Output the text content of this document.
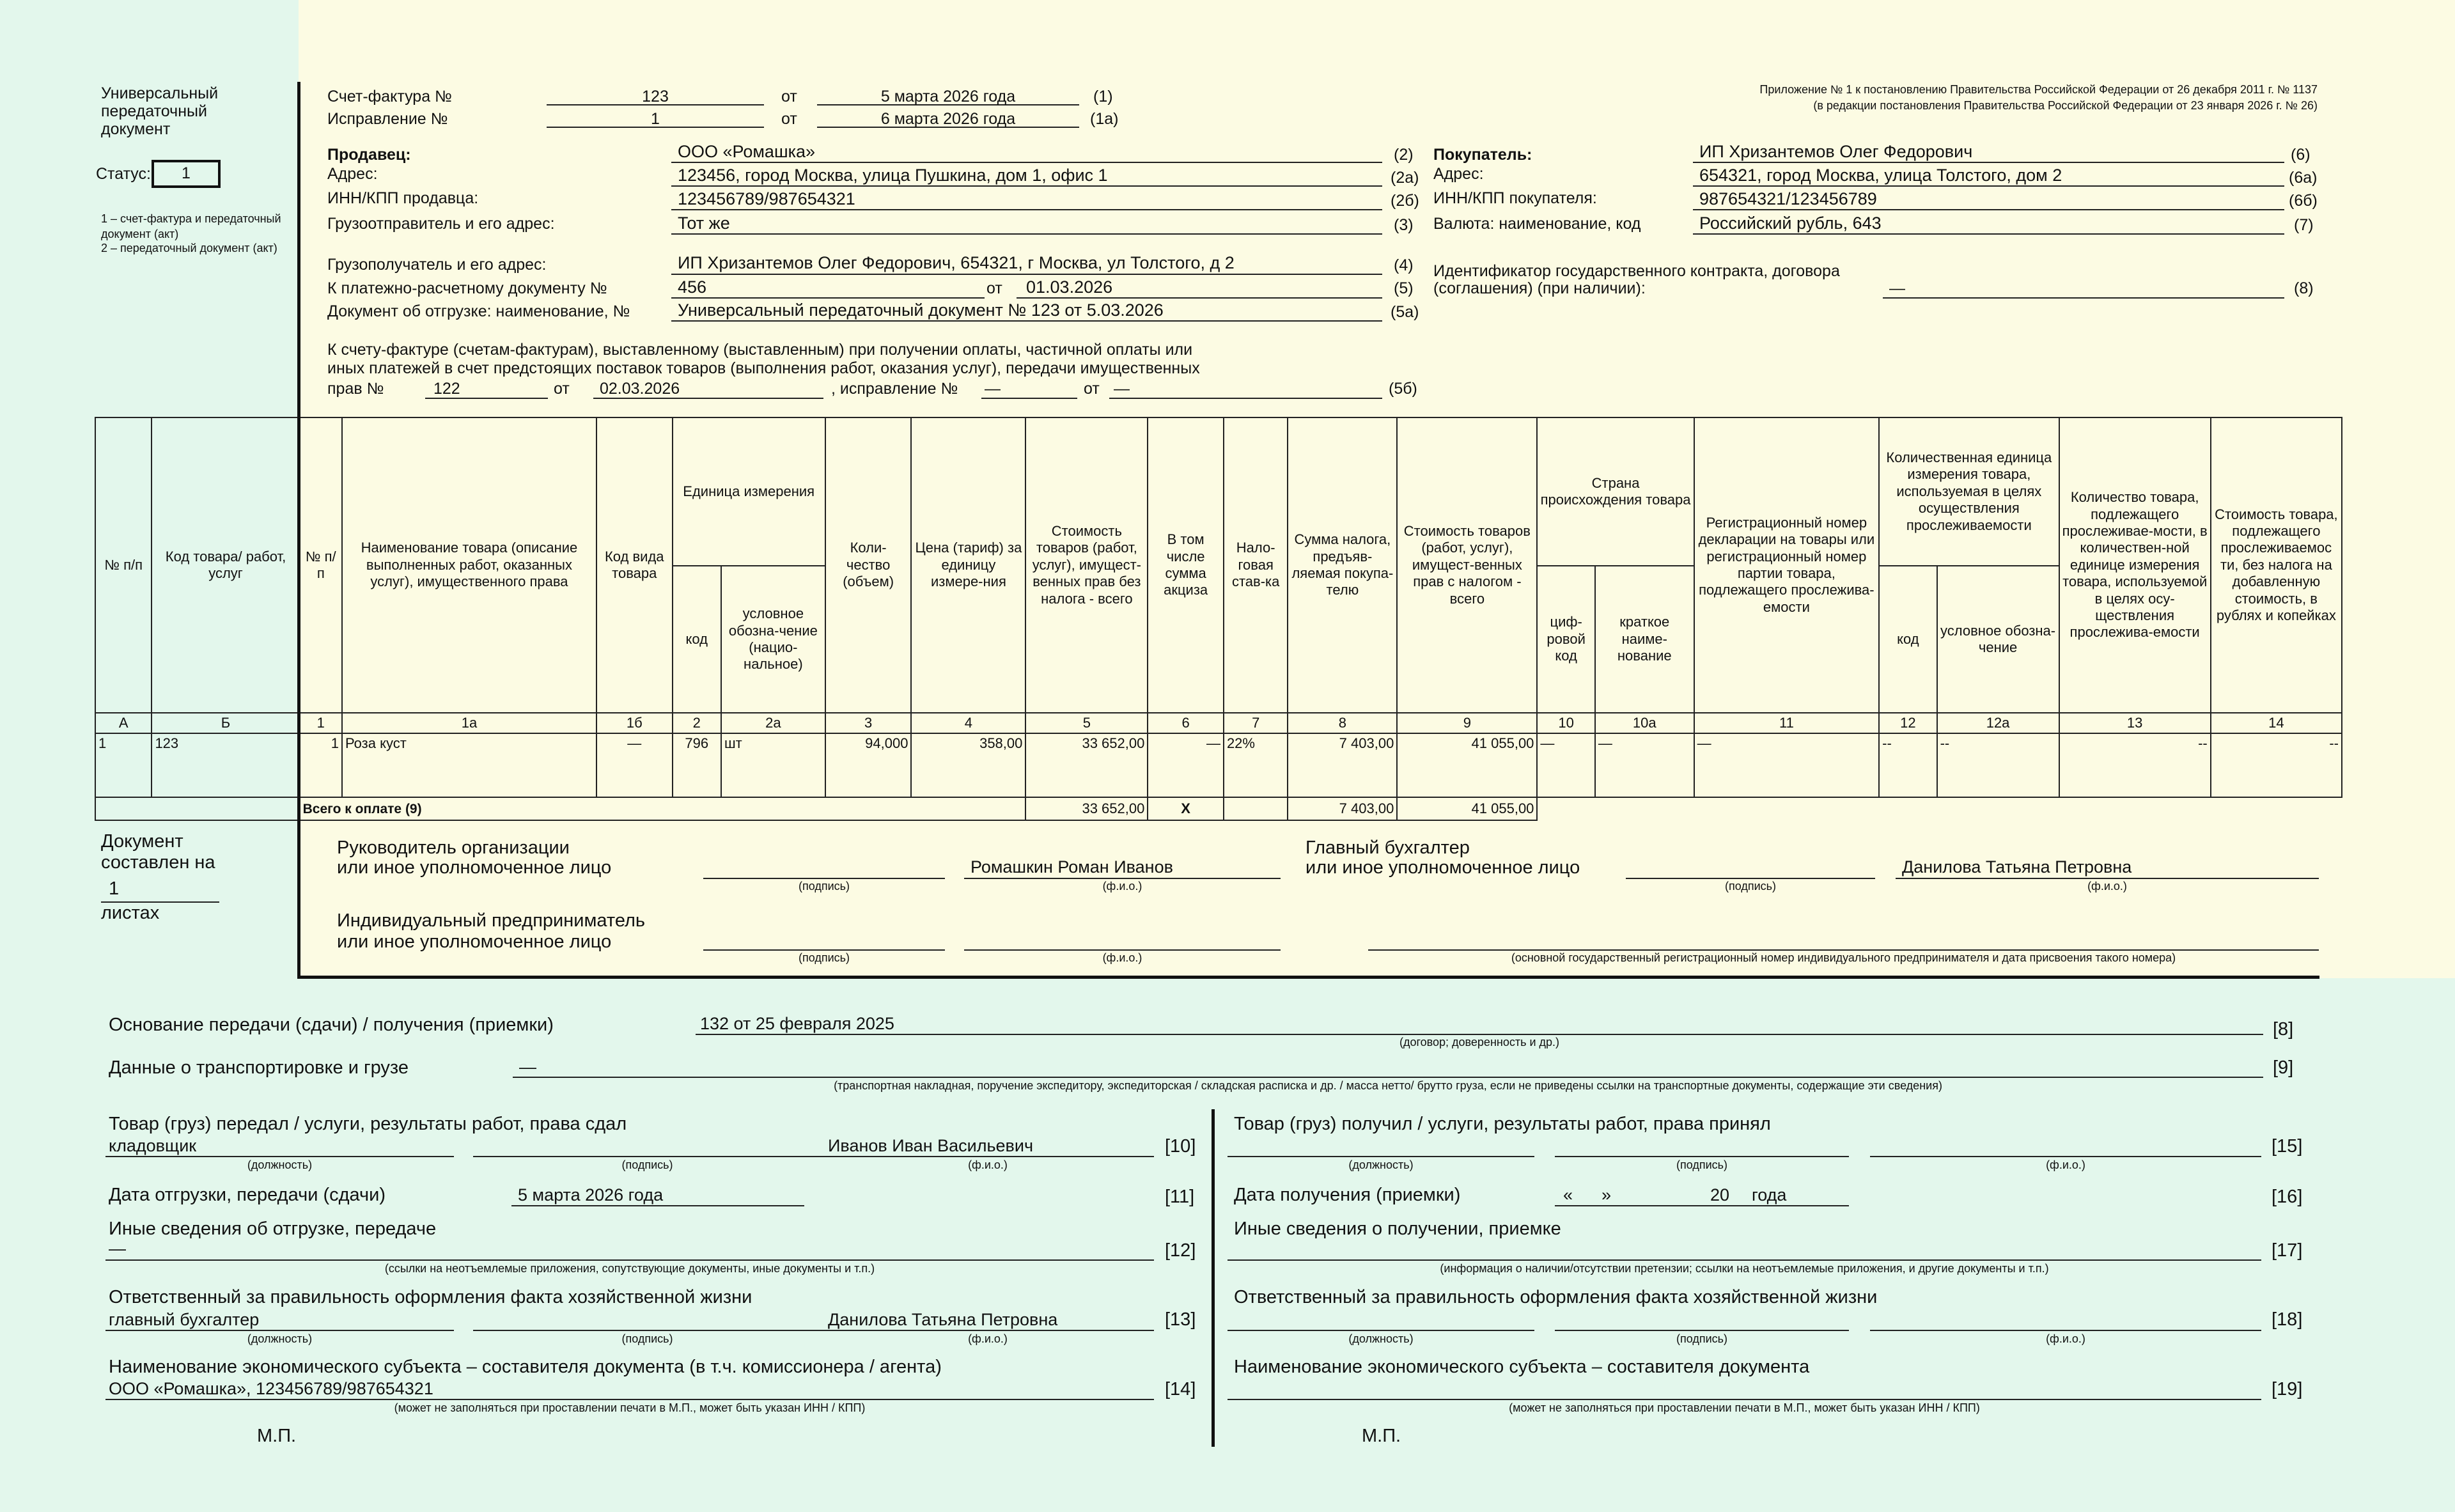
Универсальный передаточный документ
Статус:	1
1 – счет-фактура и передаточный документ (акт)
2 – передаточный документ (акт)
Приложение № 1 к постановлению Правительства Российской Федерации от 26 декабря 2011 г. № 1137
(в редакции постановления Правительства Российской Федерации от 23 января 2026 г. № 26)
Счет-фактура №	123	от	5 марта 2026 года	(1)
Исправление №	1	от	6 марта 2026 года	(1а)
Продавец:	ООО «Ромашка»	(2)
Адрес:	123456, город Москва, улица Пушкина, дом 1, офис 1	(2а)
ИНН/КПП продавца:	123456789/987654321	(2б)
Грузоотправитель и его адрес:	Тот же	(3)
Грузополучатель и его адрес:	ИП Хризантемов Олег Федорович, 654321, г Москва, ул Толстого, д 2	(4)
К платежно-расчетному документу №	456	от 01.03.2026	(5)
Документ об отгрузке: наименование, №	Универсальный передаточный документ № 123 от 5.03.2026	(5а)
К счету-фактуре (счетам-фактурам), выставленному (выставленным) при получении оплаты, частичной оплаты или
иных платежей в счет предстоящих поставок товаров (выполнения работ, оказания услуг), передачи имущественных
прав №	122	от 02.03.2026	, исправление № —	от —	(5б)
Покупатель:	ИП Хризантемов Олег Федорович	(6)
Адрес:	654321, город Москва, улица Толстого, дом 2	(6а)
ИНН/КПП покупателя:	987654321/123456789	(6б)
Валюта: наименование, код	Российский рубль, 643	(7)
Идентификатор государственного контракта, договора
(соглашения) (при наличии):	—	(8)
№ п/п	Код товара/ работ, услуг	№ п/п	Наименование товара (описание выполненных работ, оказанных услуг), имущественного права	Код вида товара	Единица измерения		Коли-чество (объем)	Цена (тариф) за единицу измере-ния	Стоимость товаров (работ, услуг), имущест-венных прав без налога - всего	В том числе сумма акциза	Нало-говая став-ка	Сумма налога, предъяв-ляемая покупа-телю	Стоимость товаров (работ, услуг), имущест-венных прав с налогом - всего	Страна происхождения товара		Регистрационный номер декларации на товары или регистрационный номер партии товара, подлежащего прослежива-емости	Количественная единица измерения товара, используемая в целях осуществления прослеживаемости		Количество товара, подлежащего прослеживае-мости, в количествен-ной единице измерения товара, используемой в целях осу-ществления прослежива-емости	Стоимость товара, подлежащего прослеживаемос ти, без налога на добавленную стоимость, в рублях и копейках
					код	условное обозна-чение (нацио-нальное)								циф-ровой код	краткое наиме-нование		код	условное обозна-чение		
А	Б	1	1а	1б	2	2а	3	4	5	6	7	8	9	10	10а	11	12	12а	13	14
1	123	1	Роза куст	—	796	шт	94,000	358,00	33 652,00	—	22%	7 403,00	41 055,00	—	—	—	--	--	--	--
		Всего к оплате (9)							33 652,00	X		7 403,00	41 055,00							
Документ
составлен на
1
листах
Руководитель организации
или иное уполномоченное лицо
(подпись)
Ромашкин Роман Иванов
(ф.и.о.)
Главный бухгалтер
или иное уполномоченное лицо
(подпись)
Данилова Татьяна Петровна
(ф.и.о.)
Индивидуальный предприниматель
или иное уполномоченное лицо
(подпись)	(ф.и.о.)	(основной государственный регистрационный номер индивидуального предпринимателя и дата присвоения такого номера)
Основание передачи (сдачи) / получения (приемки)	132 от 25 февраля 2025
(договор; доверенность и др.)
[8]
Данные о транспортировке и грузе	—
(транспортная накладная, поручение экспедитору, экспедиторская / складская расписка и др. / масса нетто/ брутто груза, если не приведены ссылки на транспортные документы, содержащие эти сведения)
[9]
Товар (груз) передал / услуги, результаты работ, права сдал
кладовщик
(должность)	(подпись)
Иванов Иван Васильевич
(ф.и.о.)
[10]
Дата отгрузки, передачи (сдачи)	5 марта 2026 года	[11]
Иные сведения об отгрузке, передаче
—
(ссылки на неотъемлемые приложения, сопутствующие документы, иные документы и т.п.)
[12]
Ответственный за правильность оформления факта хозяйственной жизни
главный бухгалтер
(должность)	(подпись)
Данилова Татьяна Петровна
(ф.и.о.)
[13]
Наименование экономического субъекта – составителя документа (в т.ч. комиссионера / агента)
ООО «Ромашка», 123456789/987654321
(может не заполняться при проставлении печати в М.П., может быть указан ИНН / КПП)
[14]
М.П.
Товар (груз) получил / услуги, результаты работ, права принял
(должность)	(подпись)	(ф.и.о.)
[15]
Дата получения (приемки)	« »	20 года	[16]
Иные сведения о получении, приемке
(информация о наличии/отсутствии претензии; ссылки на неотъемлемые приложения, и другие документы и т.п.)
[17]
Ответственный за правильность оформления факта хозяйственной жизни
(должность)	(подпись)	(ф.и.о.)
[18]
Наименование экономического субъекта – составителя документа
(может не заполняться при проставлении печати в М.П., может быть указан ИНН / КПП)
[19]
М.П.
